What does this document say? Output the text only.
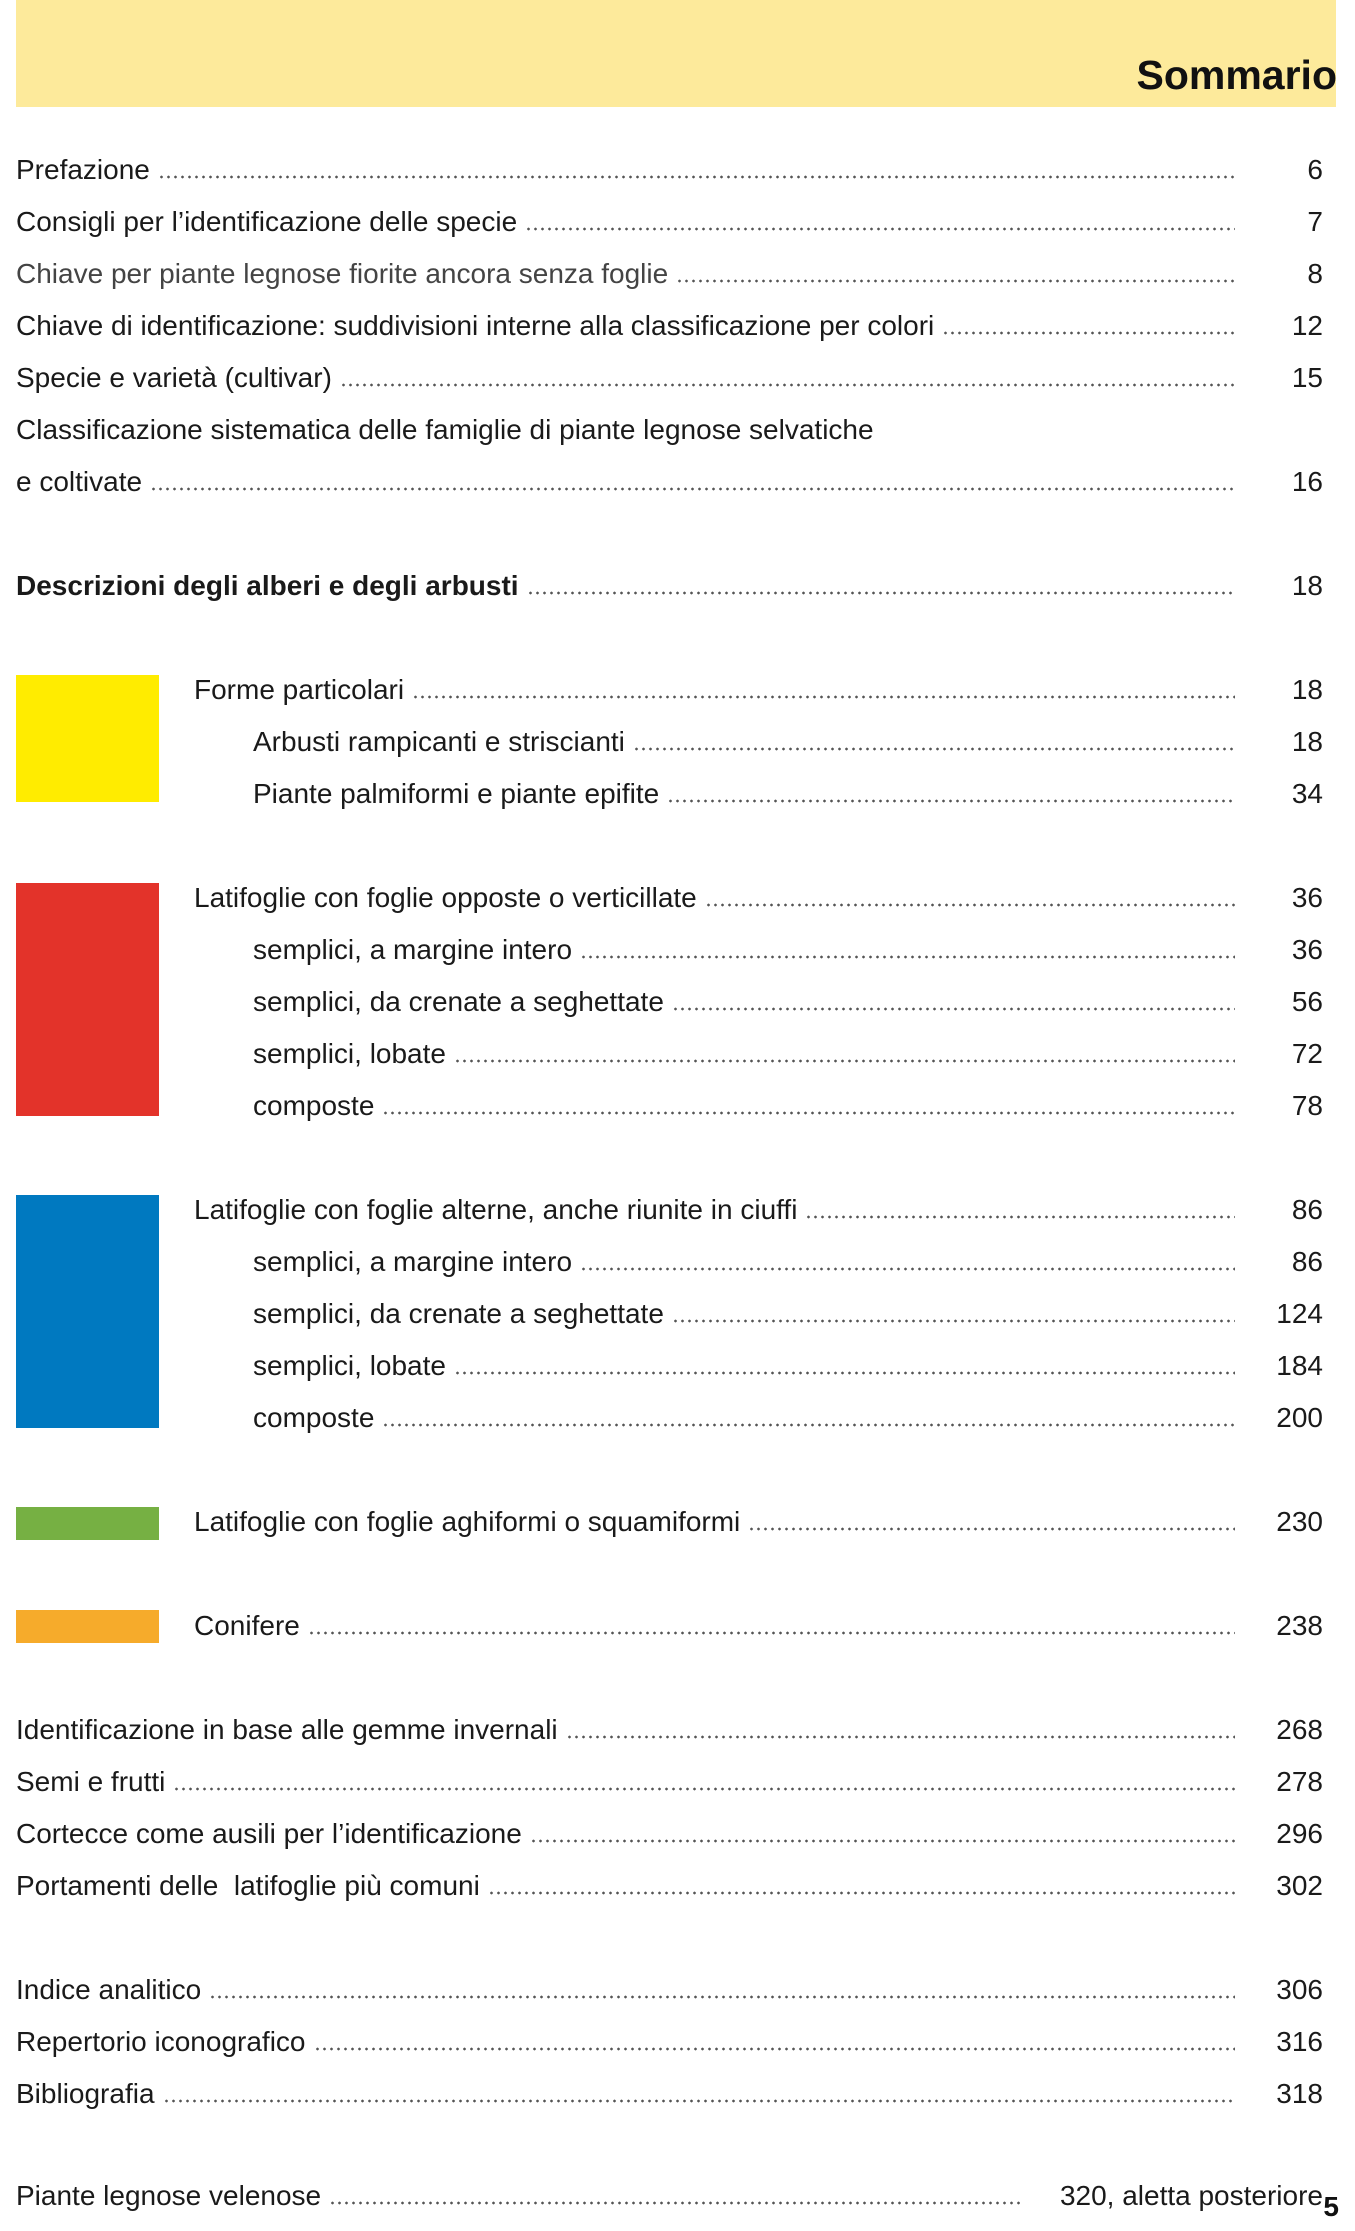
Sommario
Prefazione	6
Consigli per l’identificazione delle specie	7
Chiave per piante legnose fiorite ancora senza foglie	8
Chiave di identificazione: suddivisioni interne alla classificazione per colori	12
Specie e varietà (cultivar)	15
Classificazione sistematica delle famiglie di piante legnose selvatiche
e coltivate	16
Descrizioni degli alberi e degli arbusti	18
Forme particolari	18
Arbusti rampicanti e striscianti	18
Piante palmiformi e piante epifite	34
Latifoglie con foglie opposte o verticillate	36
semplici, a margine intero	36
semplici, da crenate a seghettate	56
semplici, lobate	72
composte	78
Latifoglie con foglie alterne, anche riunite in ciuffi	86
semplici, a margine intero	86
semplici, da crenate a seghettate	124
semplici, lobate	184
composte	200
Latifoglie con foglie aghiformi o squamiformi	230
Conifere	238
Identificazione in base alle gemme invernali	268
Semi e frutti	278
Cortecce come ausili per l’identificazione	296
Portamenti delle  latifoglie più comuni	302
Indice analitico	306
Repertorio iconografico	316
Bibliografia	318
Piante legnose velenose	320, aletta posteriore 5
